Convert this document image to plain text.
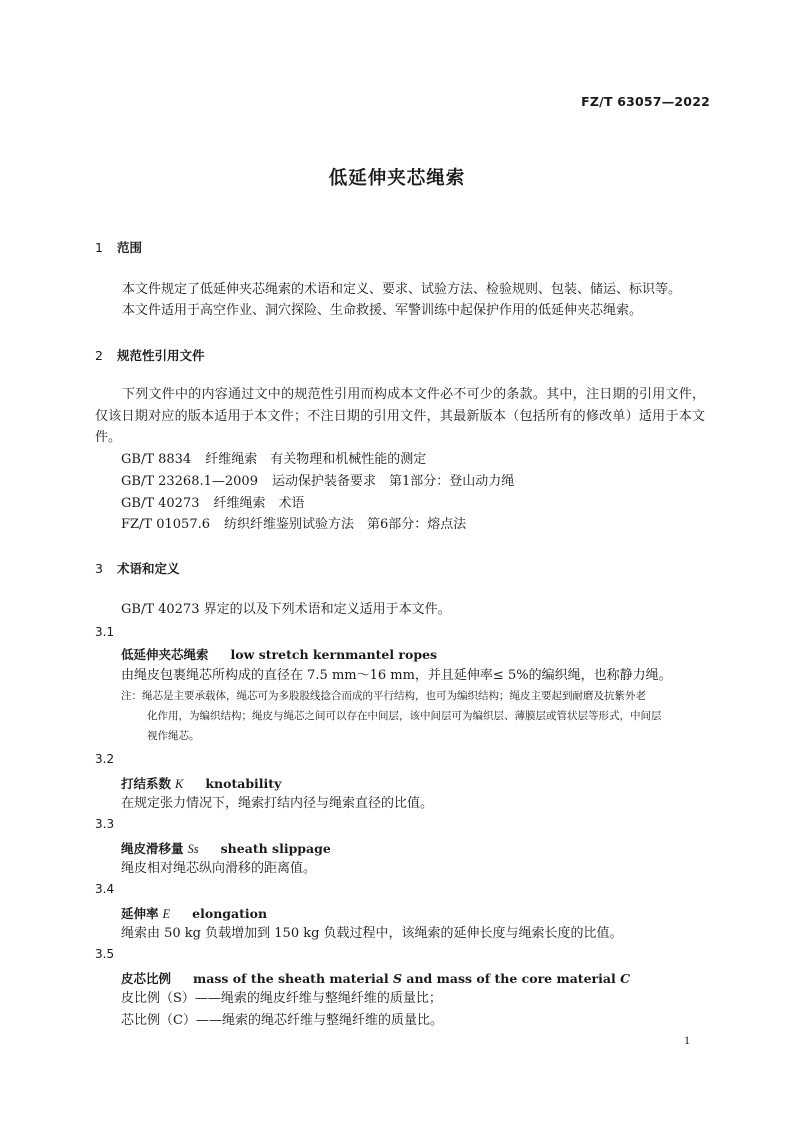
FZ/T 63057—2022
低延伸夹芯绳索
1 范围
本文件规定了低延伸夹芯绳索的术语和定义、要求、试验方法、检验规则、包装、储运、标识等。
本文件适用于高空作业、洞穴探险、生命救援、军警训练中起保护作用的低延伸夹芯绳索。
2 规范性引用文件
下列文件中的内容通过文中的规范性引用而构成本文件必不可少的条款。其中，注日期的引用文件，仅该日期对应的版本适用于本文件；不注日期的引用文件，其最新版本（包括所有的修改单）适用于本文件。
GB/T 8834 纤维绳索　有关物理和机械性能的测定
GB/T 23268.1—2009 运动保护装备要求　第1部分：登山动力绳
GB/T 40273 纤维绳索　术语
FZ/T 01057.6 纺织纤维鉴别试验方法　第6部分：熔点法
3 术语和定义
GB/T 40273 界定的以及下列术语和定义适用于本文件。
3.1
低延伸夹芯绳索 low stretch kernmantel ropes
由绳皮包裹绳芯所构成的直径在 7.5 mm～16 mm，并且延伸率≤ 5%的编织绳，也称静力绳。
注：绳芯是主要承载体，绳芯可为多股股线捻合而成的平行结构，也可为编织结构；绳皮主要起到耐磨及抗紫外老
化作用，为编织结构；绳皮与绳芯之间可以存在中间层，该中间层可为编织层、薄膜层或管状层等形式，中间层
视作绳芯。
3.2
打结系数 K knotability
在规定张力情况下，绳索打结内径与绳索直径的比值。
3.3
绳皮滑移量 Ss sheath slippage
绳皮相对绳芯纵向滑移的距离值。
3.4
延伸率 E elongation
绳索由 50 kg 负载增加到 150 kg 负载过程中，该绳索的延伸长度与绳索长度的比值。
3.5
皮芯比例 mass of the sheath material S and mass of the core material C
皮比例（S）——绳索的绳皮纤维与整绳纤维的质量比；
芯比例（C）——绳索的绳芯纤维与整绳纤维的质量比。
1
